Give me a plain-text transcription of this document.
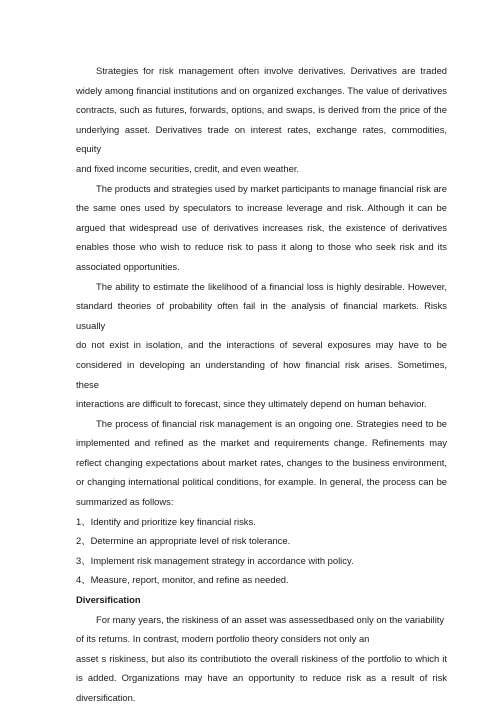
Strategies for risk management often involve derivatives. Derivatives are traded
widely among financial institutions and on organized exchanges. The value of derivatives
contracts, such as futures, forwards, options, and swaps, is derived from the price of the
underlying asset. Derivatives trade on interest rates, exchange rates, commodities, equity
and fixed income securities, credit, and even weather.
The products and strategies used by market participants to manage financial risk are
the same ones used by speculators to increase leverage and risk. Although it can be
argued that widespread use of derivatives increases risk, the existence of derivatives
enables those who wish to reduce risk to pass it along to those who seek risk and its
associated opportunities.
The ability to estimate the likelihood of a financial loss is highly desirable. However,
standard theories of probability often fail in the analysis of financial markets. Risks usually
do not exist in isolation, and the interactions of several exposures may have to be
considered in developing an understanding of how financial risk arises. Sometimes, these
interactions are difficult to forecast, since they ultimately depend on human behavior.
The process of financial risk management is an ongoing one. Strategies need to be
implemented and refined as the market and requirements change. Refinements may
reflect changing expectations about market rates, changes to the business environment,
or changing international political conditions, for example. In general, the process can be
summarized as follows:
1、Identify and prioritize key financial risks.
2、Determine an appropriate level of risk tolerance.
3、Implement risk management strategy in accordance with policy.
4、Measure, report, monitor, and refine as needed.
Diversification
For many years, the riskiness of an asset was assessedbased only on the variability
of its returns. In contrast, modern portfolio theory considers not only an
asset s riskiness, but also its contributioto the overall riskiness of the portfolio to which it
is added. Organizations may have an opportunity to reduce risk as a result of risk
diversification.
